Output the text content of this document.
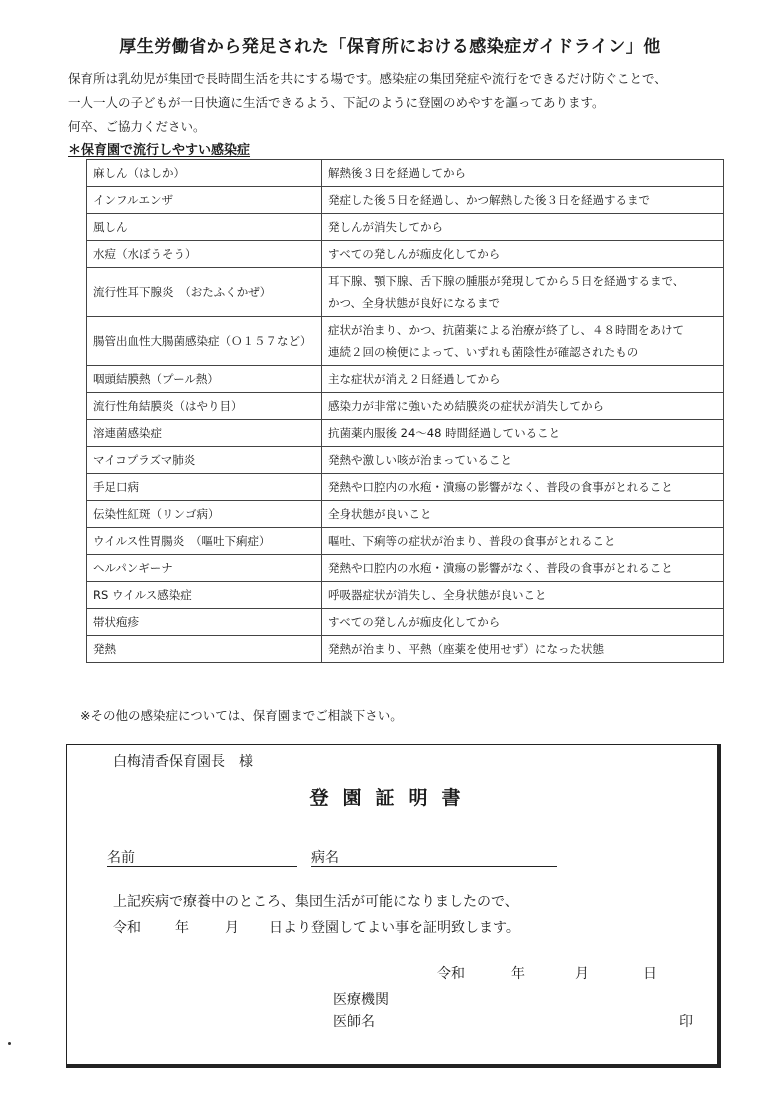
厚生労働省から発足された「保育所における感染症ガイドライン」他
保育所は乳幼児が集団で長時間生活を共にする場です。感染症の集団発症や流行をできるだけ防ぐことで、
一人一人の子どもが一日快適に生活できるよう、下記のように登園のめやすを謳ってあります。
何卒、ご協力ください。
＊保育園で流行しやすい感染症
麻しん（はしか）	解熱後３日を経過してから

インフルエンザ	発症した後５日を経過し、かつ解熱した後３日を経過するまで

風しん	発しんが消失してから

水痘（水ぼうそう）	すべての発しんが痂皮化してから

流行性耳下腺炎　（おたふくかぜ）	耳下腺、顎下腺、舌下腺の腫脹が発現してから５日を経過するまで、
かつ、全身状態が良好になるまで

腸管出血性大腸菌感染症（Ｏ１５７など）	症状が治まり、かつ、抗菌薬による治療が終了し、４８時間をあけて
連続２回の検便によって、いずれも菌陰性が確認されたもの

咽頭結膜熱（プール熱）	主な症状が消え２日経過してから

流行性角結膜炎（はやり目）	感染力が非常に強いため結膜炎の症状が消失してから

溶連菌感染症	抗菌薬内服後 24～48 時間経過していること

マイコプラズマ肺炎	発熱や激しい咳が治まっていること

手足口病	発熱や口腔内の水疱・潰瘍の影響がなく、普段の食事がとれること

伝染性紅斑（リンゴ病）	全身状態が良いこと

ウイルス性胃腸炎　（嘔吐下痢症）	嘔吐、下痢等の症状が治まり、普段の食事がとれること

ヘルパンギーナ	発熱や口腔内の水疱・潰瘍の影響がなく、普段の食事がとれること

RS ウイルス感染症	呼吸器症状が消失し、全身状態が良いこと

帯状疱疹	すべての発しんが痂皮化してから

発熱	発熱が治まり、平熱（座薬を使用せず）になった状態
※その他の感染症については、保育園までご相談下さい。
白梅清香保育園長　様
登園証明書
名前	病名
上記疾病で療養中のところ、集団生活が可能になりましたので、
令和 年	月 日より登園してよい事を証明致します。
令和	年	月	日
医療機関
医師名	印
